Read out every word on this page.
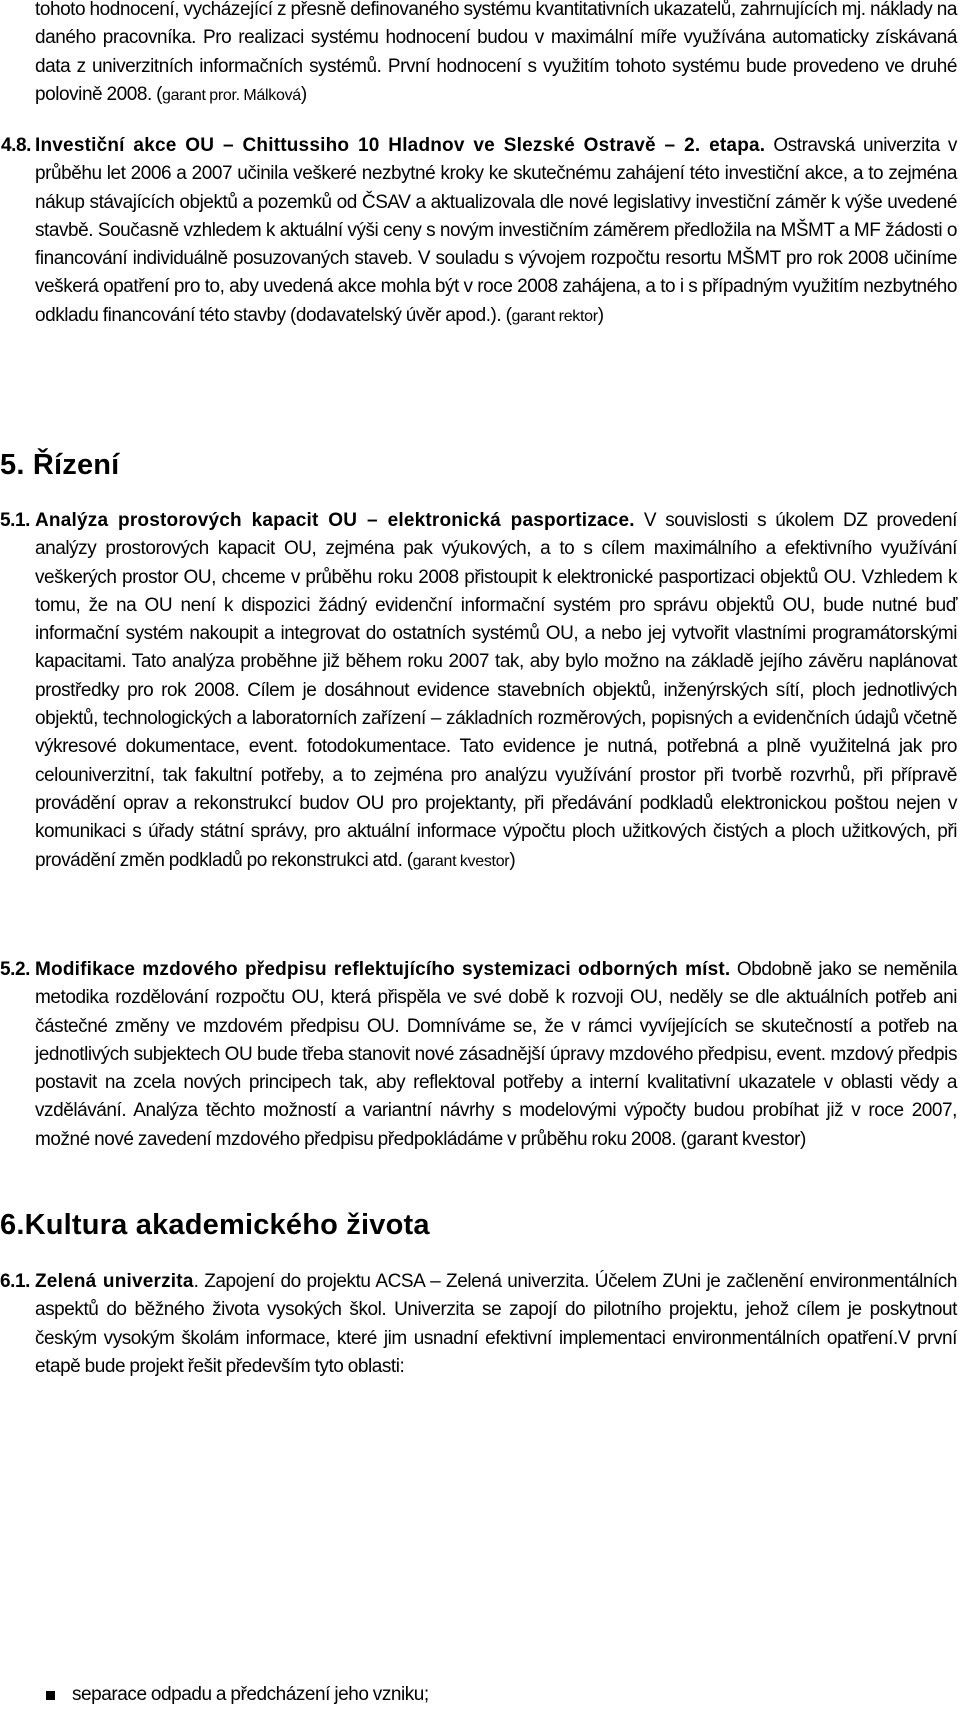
tohoto hodnocení, vycházející z přesně definovaného systému kvantitativních ukazatelů, zahrnujících mj. náklady na daného pracovníka. Pro realizaci systému hodnocení budou v maximální míře využívána automaticky získávaná data z univerzitních informačních systémů. První hodnocení s využitím tohoto systému bude provedeno ve druhé polovině 2008. (garant pror. Málková)
4.8. Investiční akce OU – Chittussiho 10 Hladnov ve Slezské Ostravě – 2. etapa. Ostravská univerzita v průběhu let 2006 a 2007 učinila veškeré nezbytné kroky ke skutečnému zahájení této investiční akce, a to zejména nákup stávajících objektů a pozemků od ČSAV a aktualizovala dle nové legislativy investiční záměr k výše uvedené stavbě. Současně vzhledem k aktuální výši ceny s novým investičním záměrem předložila na MŠMT a MF žádosti o financování individuálně posuzovaných staveb. V souladu s vývojem rozpočtu resortu MŠMT pro rok 2008 učiníme veškerá opatření pro to, aby uvedená akce mohla být v roce 2008 zahájena, a to i s případným využitím nezbytného odkladu financování této stavby (dodavatelský úvěr apod.). (garant rektor)
5. Řízení
5.1. Analýza prostorových kapacit OU – elektronická pasportizace. V souvislosti s úkolem DZ provedení analýzy prostorových kapacit OU, zejména pak výukových, a to s cílem maximálního a efektivního využívání veškerých prostor OU, chceme v průběhu roku 2008 přistoupit k elektronické pasportizaci objektů OU. Vzhledem k tomu, že na OU není k dispozici žádný evidenční informační systém pro správu objektů OU, bude nutné buď informační systém nakoupit a integrovat do ostatních systémů OU, a nebo jej vytvořit vlastními programátorskými kapacitami. Tato analýza proběhne již během roku 2007 tak, aby bylo možno na základě jejího závěru naplánovat prostředky pro rok 2008. Cílem je dosáhnout evidence stavebních objektů, inženýrských sítí, ploch jednotlivých objektů, technologických a laboratorních zařízení – základních rozměrových, popisných a evidenčních údajů včetně výkresové dokumentace, event. fotodokumentace. Tato evidence je nutná, potřebná a plně využitelná jak pro celouniverzitní, tak fakultní potřeby, a to zejména pro analýzu využívání prostor při tvorbě rozvrhů, při přípravě provádění oprav a rekonstrukcí budov OU pro projektanty, při předávání podkladů elektronickou poštou nejen v komunikaci s úřady státní správy, pro aktuální informace výpočtu ploch užitkových čistých a ploch užitkových, při provádění změn podkladů po rekonstrukci atd. (garant kvestor)
5.2. Modifikace mzdového předpisu reflektujícího systemizaci odborných míst. Obdobně jako se neměnila metodika rozdělování rozpočtu OU, která přispěla ve své době k rozvoji OU, neděly se dle aktuálních potřeb ani částečné změny ve mzdovém předpisu OU. Domníváme se, že v rámci vyvíjejících se skutečností a potřeb na jednotlivých subjektech OU bude třeba stanovit nové zásadnější úpravy mzdového předpisu, event. mzdový předpis postavit na zcela nových principech tak, aby reflektoval potřeby a interní kvalitativní ukazatele v oblasti vědy a vzdělávání. Analýza těchto možností a variantní návrhy s modelovými výpočty budou probíhat již v roce 2007, možné nové zavedení mzdového předpisu předpokládáme v průběhu roku 2008. (garant kvestor)
6.Kultura akademického života
6.1. Zelená univerzita. Zapojení do projektu ACSA – Zelená univerzita. Účelem ZUni je začlenění environmentálních aspektů do běžného života vysokých škol. Univerzita se zapojí do pilotního projektu, jehož cílem je poskytnout českým vysokým školám informace, které jim usnadní efektivní implementaci environmentálních opatření.V první etapě bude projekt řešit především tyto oblasti:
separace odpadu a předcházení jeho vzniku;
